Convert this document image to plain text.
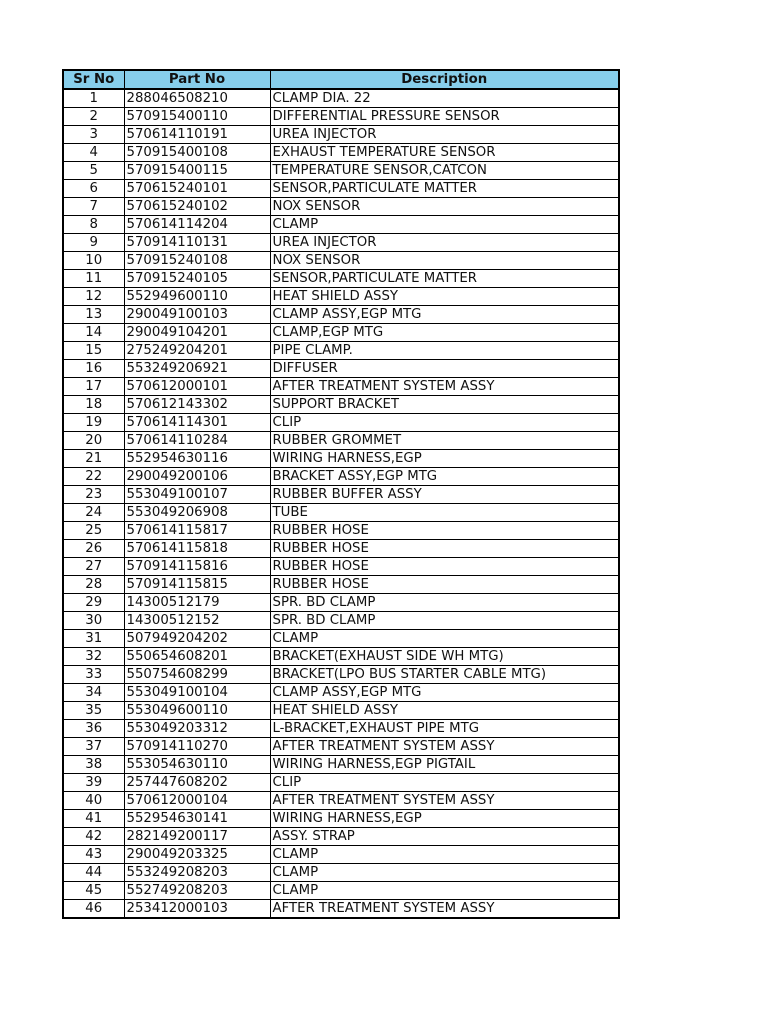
Sr No	Part No	Description
1	288046508210	CLAMP DIA. 22
2	570915400110	DIFFERENTIAL PRESSURE SENSOR
3	570614110191	UREA INJECTOR
4	570915400108	EXHAUST TEMPERATURE SENSOR
5	570915400115	TEMPERATURE SENSOR,CATCON
6	570615240101	SENSOR,PARTICULATE MATTER
7	570615240102	NOX SENSOR
8	570614114204	CLAMP
9	570914110131	UREA INJECTOR
10	570915240108	NOX SENSOR
11	570915240105	SENSOR,PARTICULATE MATTER
12	552949600110	HEAT SHIELD ASSY
13	290049100103	CLAMP ASSY,EGP MTG
14	290049104201	CLAMP,EGP MTG
15	275249204201	PIPE CLAMP.
16	553249206921	DIFFUSER
17	570612000101	AFTER TREATMENT SYSTEM ASSY
18	570612143302	SUPPORT BRACKET
19	570614114301	CLIP
20	570614110284	RUBBER GROMMET
21	552954630116	WIRING HARNESS,EGP
22	290049200106	BRACKET ASSY,EGP MTG
23	553049100107	RUBBER BUFFER ASSY
24	553049206908	TUBE
25	570614115817	RUBBER HOSE
26	570614115818	RUBBER HOSE
27	570914115816	RUBBER HOSE
28	570914115815	RUBBER HOSE
29	14300512179	SPR. BD CLAMP
30	14300512152	SPR. BD CLAMP
31	507949204202	CLAMP
32	550654608201	BRACKET(EXHAUST SIDE WH MTG)
33	550754608299	BRACKET(LPO BUS STARTER CABLE MTG)
34	553049100104	CLAMP ASSY,EGP MTG
35	553049600110	HEAT SHIELD ASSY
36	553049203312	L-BRACKET,EXHAUST PIPE MTG
37	570914110270	AFTER TREATMENT SYSTEM ASSY
38	553054630110	WIRING HARNESS,EGP PIGTAIL
39	257447608202	CLIP
40	570612000104	AFTER TREATMENT SYSTEM ASSY
41	552954630141	WIRING HARNESS,EGP
42	282149200117	ASSY. STRAP
43	290049203325	CLAMP
44	553249208203	CLAMP
45	552749208203	CLAMP
46	253412000103	AFTER TREATMENT SYSTEM ASSY
